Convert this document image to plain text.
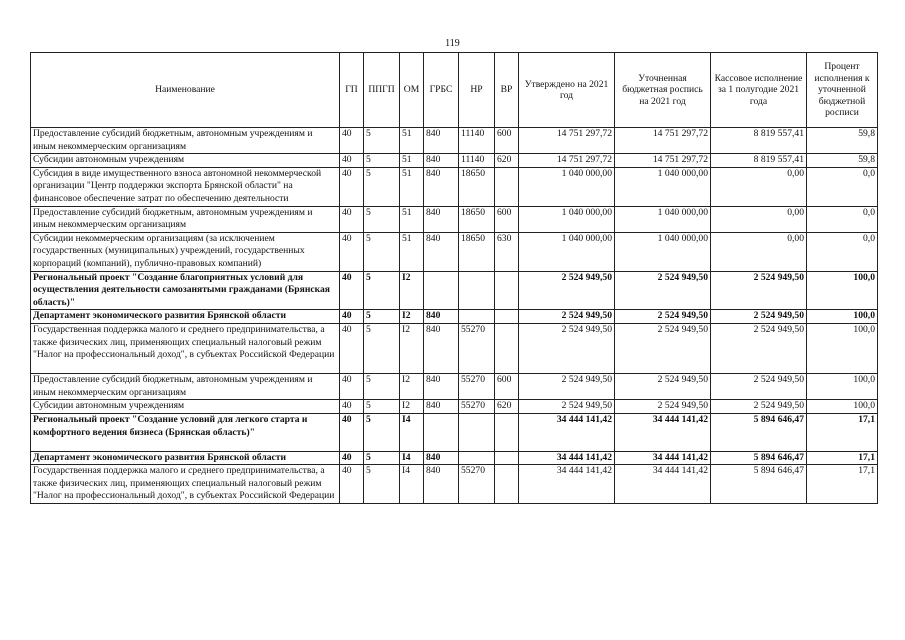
119
Наименование	ГП	ППГП	ОМ	ГРБС	НР	ВР	Утверждено на 2021 год	Уточненная бюджетная роспись на 2021 год	Кассовое исполнение за 1 полугодие 2021 года	Процент исполнения к уточненной бюджетной росписи
Предоставление субсидий бюджетным, автономным учреждениям и иным некоммерческим организациям	40	5	51	840	11140	600	14 751 297,72	14 751 297,72	8 819 557,41	59,8
Субсидии автономным учреждениям	40	5	51	840	11140	620	14 751 297,72	14 751 297,72	8 819 557,41	59,8
Субсидия в виде имущественного взноса автономной некоммерческой организации "Центр поддержки экспорта Брянской области" на финансовое обеспечение затрат по обеспечению деятельности	40	5	51	840	18650		1 040 000,00	1 040 000,00	0,00	0,0
Предоставление субсидий бюджетным, автономным учреждениям и иным некоммерческим организациям	40	5	51	840	18650	600	1 040 000,00	1 040 000,00	0,00	0,0
Субсидии некоммерческим организациям (за исключением государственных (муниципальных) учреждений, государственных корпораций (компаний), публично-правовых компаний)	40	5	51	840	18650	630	1 040 000,00	1 040 000,00	0,00	0,0
Региональный проект "Создание благоприятных условий для осуществления деятельности самозанятыми гражданами (Брянская область)"	40	5	I2				2 524 949,50	2 524 949,50	2 524 949,50	100,0
Департамент экономического развития Брянской области	40	5	I2	840			2 524 949,50	2 524 949,50	2 524 949,50	100,0
Государственная поддержка малого и среднего предпринимательства, а также физических лиц, применяющих специальный налоговый режим "Налог на профессиональный доход", в субъектах Российской Федерации	40	5	I2	840	55270		2 524 949,50	2 524 949,50	2 524 949,50	100,0

Предоставление субсидий бюджетным, автономным учреждениям и иным некоммерческим организациям	40	5	I2	840	55270	600	2 524 949,50	2 524 949,50	2 524 949,50	100,0
Субсидии автономным учреждениям	40	5	I2	840	55270	620	2 524 949,50	2 524 949,50	2 524 949,50	100,0
Региональный проект "Создание условий для легкого старта и комфортного ведения бизнеса (Брянская область)"	40	5	I4				34 444 141,42	34 444 141,42	5 894 646,47	17,1

Департамент экономического развития Брянской области	40	5	I4	840			34 444 141,42	34 444 141,42	5 894 646,47	17,1
Государственная поддержка малого и среднего предпринимательства, а также физических лиц, применяющих специальный налоговый режим "Налог на профессиональный доход", в субъектах Российской Федерации	40	5	I4	840	55270		34 444 141,42	34 444 141,42	5 894 646,47	17,1
